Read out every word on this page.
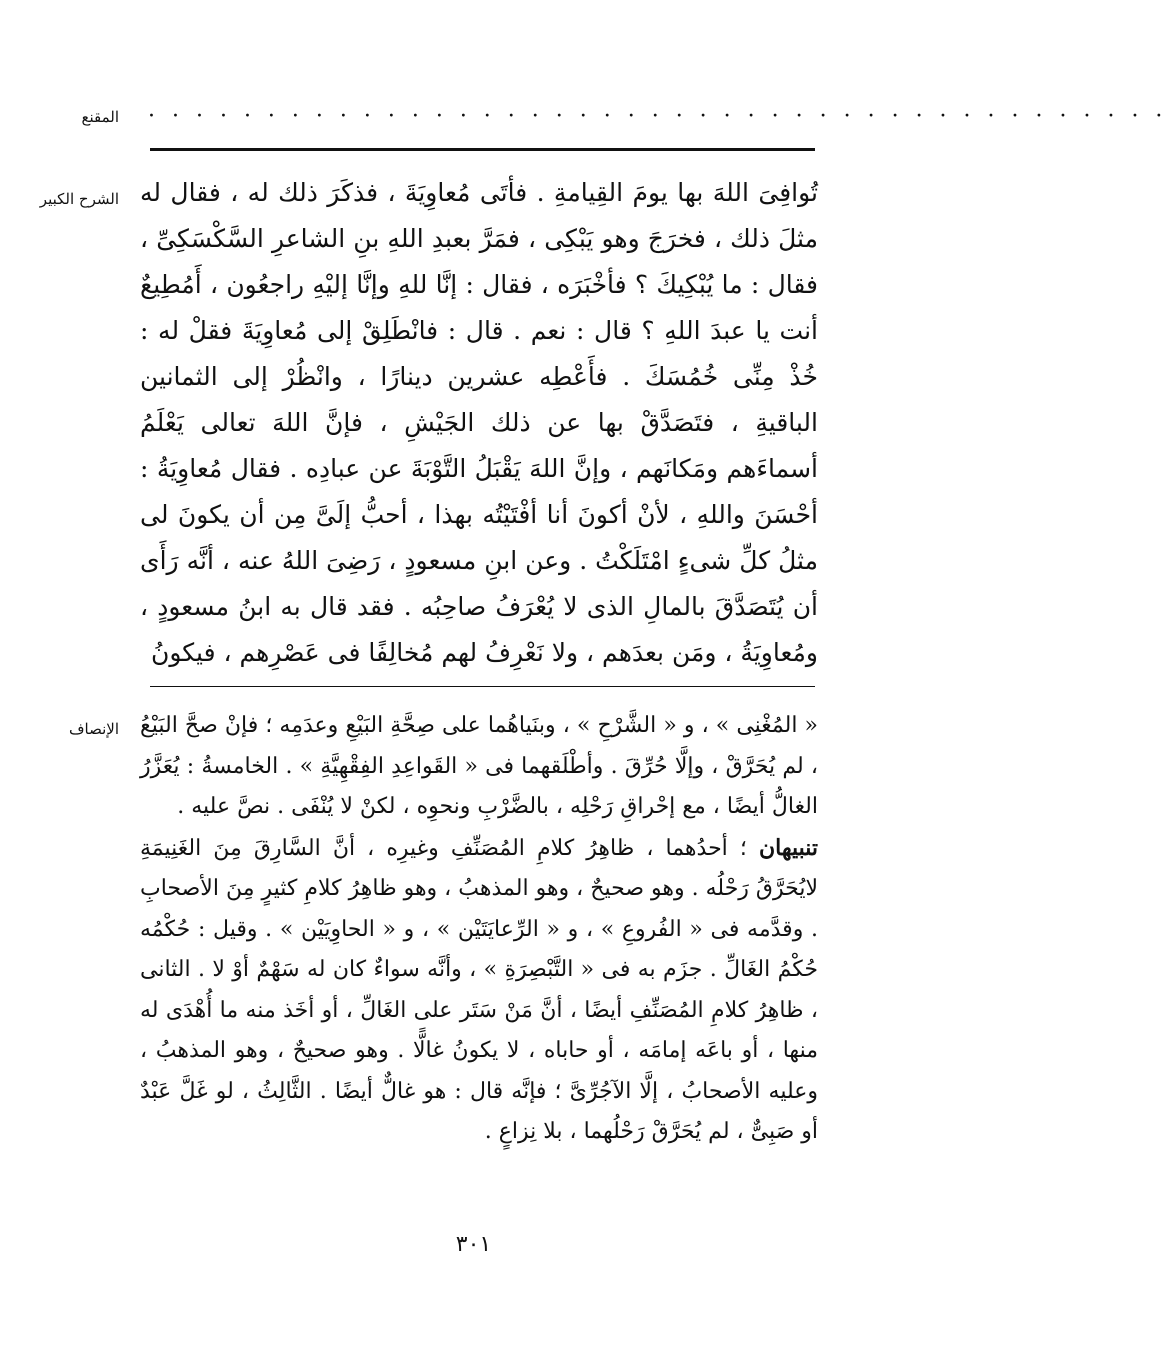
المقنع · · · · · · · · · · · · · · · · · · · · · · · · · · · · · · · · · · · · · · · · · · ·
الشرح الكبير تُوافِىَ اللهَ بها يومَ القِيامةِ . فأتَى مُعاوِيَةَ ، فذكَرَ ذلك له ، فقال له مثلَ ذلك ، فخرَجَ وهو يَبْكِى ، فمَرَّ بعبدِ اللهِ بنِ الشاعرِ السَّكْسَكِىِّ ، فقال : ما يُبْكِيكَ ؟ فأخْبَرَه ، فقال : إنَّا للهِ وإنَّا إليْهِ راجعُون ، أَمُطِيعٌ أنت يا عبدَ اللهِ ؟ قال : نعم . قال : فانْطَلِقْ إلى مُعاوِيَةَ فقلْ له : خُذْ مِنِّى خُمُسَكَ . فأَعْطِه عشرين دينارًا ، وانْظُرْ إلى الثمانين الباقيةِ ، فتَصَدَّقْ بها عن ذلك الجَيْشِ ، فإنَّ اللهَ تعالى يَعْلَمُ أسماءَهم ومَكانَهم ، وإنَّ اللهَ يَقْبَلُ التَّوْبَةَ عن عبادِه . فقال مُعاوِيَةُ : أحْسَنَ واللهِ ، لأنْ أكونَ أنا أفْتَيْتُه بهذا ، أحبُّ إلَىَّ مِن أن يكونَ لى مثلُ كلِّ شىءٍ امْتَلَكْتُ . وعن ابنِ مسعودٍ ، رَضِىَ اللهُ عنه ، أنَّه رَأَى أن يُتَصَدَّقَ بالمالِ الذى لا يُعْرَفُ صاحِبُه . فقد قال به ابنُ مسعودٍ ، ومُعاوِيَةُ ، ومَن بعدَهم ، ولا نَعْرِفُ لهم مُخالِفًا فى عَصْرِهم ، فيكونُ

الإنصاف « المُغْنِى » ، و « الشَّرْحِ » ، وبنَياهُما على صِحَّةِ البَيْعِ وعدَمِه ؛ فإنْ صحَّ البَيْعُ ، لم يُحَرَّقْ ، وإلَّا حُرِّقَ . وأطْلَقهما فى « القَواعِدِ الفِقْهِيَّةِ » . الخامسةُ : يُعَزَّرُ الغالُّ أيضًا ، مع إحْراقِ رَحْلِه ، بالضَّرْبِ ونحوِه ، لكنْ لا يُنْفَى . نصَّ عليه .

تنبيهان ؛ أحدُهما ، ظاهِرُ كلامِ المُصَنِّفِ وغيرِه ، أنَّ السَّارِقَ مِنَ الغَنِيمَةِ لايُحَرَّقُ رَحْلُه . وهو صحيحٌ ، وهو المذهبُ ، وهو ظاهِرُ كلامِ كثيرٍ مِنَ الأصحابِ . وقدَّمه فى « الفُروعِ » ، و « الرِّعايَتَيْن » ، و « الحاوِيَيْن » . وقيل : حُكْمُه حُكْمُ الغَالِّ . جزَم به فى « التَّبْصِرَةِ » ، وأنَّه سواءٌ كان له سَهْمٌ أوْ لا . الثانى ، ظاهِرُ كلامِ المُصَنِّفِ أيضًا ، أنَّ مَنْ سَتَر على الغَالِّ ، أو أخَذ منه ما أُهْدَى له منها ، أو باعَه إمامَه ، أو حاباه ، لا يكونُ غالًّا . وهو صحيحٌ ، وهو المذهبُ ، وعليه الأصحابُ ، إلَّا الآجُرِّىَّ ؛ فإنَّه قال : هو غالٌّ أيضًا . الثَّالِثُ ، لو غَلَّ عَبْدٌ أو صَبِىٌّ ، لم يُحَرَّقْ رَحْلُهما ، بلا نِزاعٍ .

٣٠١
